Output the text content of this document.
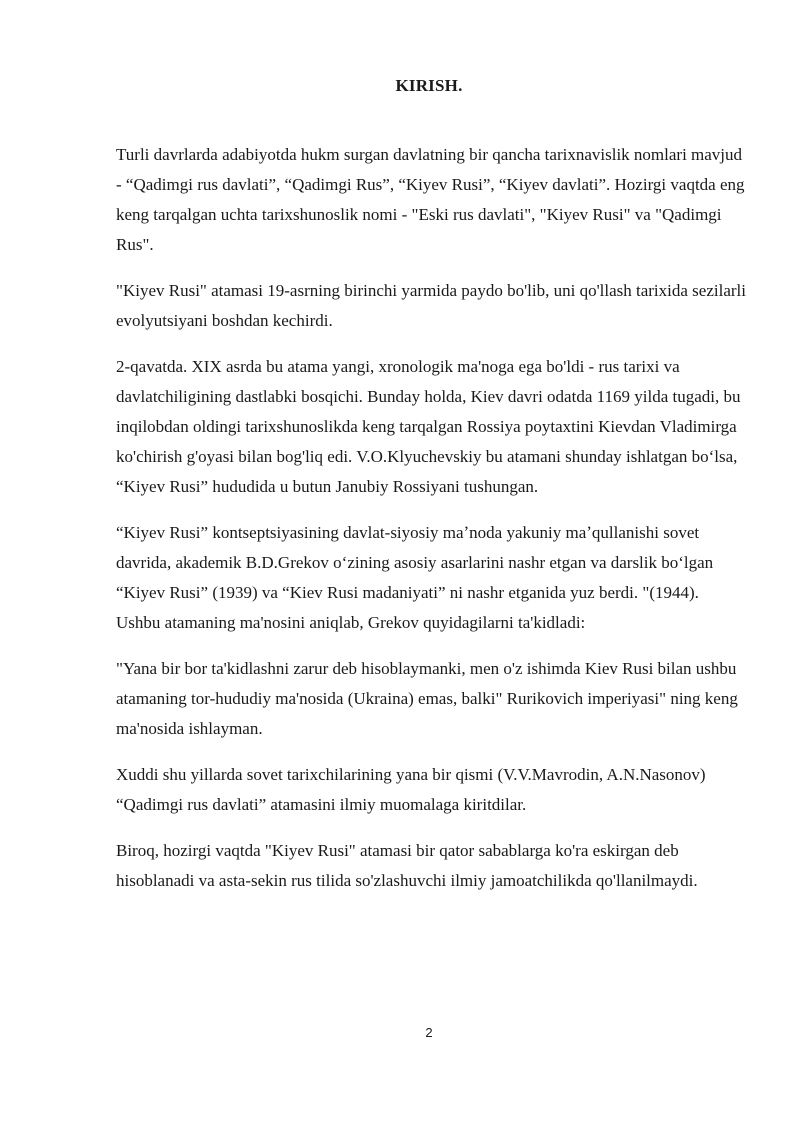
KIRISH.

Turli davrlarda adabiyotda hukm surgan davlatning bir qancha tarixnavislik nomlari mavjud - “Qadimgi rus davlati”, “Qadimgi Rus”, “Kiyev Rusi”, “Kiyev davlati”. Hozirgi vaqtda eng keng tarqalgan uchta tarixshunoslik nomi - "Eski rus davlati", "Kiyev Rusi" va "Qadimgi Rus".

"Kiyev Rusi" atamasi 19-asrning birinchi yarmida paydo bo'lib, uni qo'llash tarixida sezilarli evolyutsiyani boshdan kechirdi.

2-qavatda. XIX asrda bu atama yangi, xronologik ma'noga ega bo'ldi - rus tarixi va davlatchiligining dastlabki bosqichi. Bunday holda, Kiev davri odatda 1169 yilda tugadi, bu inqilobdan oldingi tarixshunoslikda keng tarqalgan Rossiya poytaxtini Kievdan Vladimirga ko'chirish g'oyasi bilan bog'liq edi. V.O.Klyuchevskiy bu atamani shunday ishlatgan boʻlsa, “Kiyev Rusi” hududida u butun Janubiy Rossiyani tushungan.

“Kiyev Rusi” kontseptsiyasining davlat-siyosiy maʼnoda yakuniy maʼqullanishi sovet davrida, akademik B.D.Grekov oʻzining asosiy asarlarini nashr etgan va darslik boʻlgan “Kiyev Rusi” (1939) va “Kiev Rusi madaniyati” ni nashr etganida yuz berdi. "(1944). Ushbu atamaning ma'nosini aniqlab, Grekov quyidagilarni ta'kidladi:

"Yana bir bor ta'kidlashni zarur deb hisoblaymanki, men o'z ishimda Kiev Rusi bilan ushbu atamaning tor-hududiy ma'nosida (Ukraina) emas, balki" Rurikovich imperiyasi" ning keng ma'nosida ishlayman.

Xuddi shu yillarda sovet tarixchilarining yana bir qismi (V.V.Mavrodin, A.N.Nasonov) “Qadimgi rus davlati” atamasini ilmiy muomalaga kiritdilar.

Biroq, hozirgi vaqtda "Kiyev Rusi" atamasi bir qator sabablarga ko'ra eskirgan deb hisoblanadi va asta-sekin rus tilida so'zlashuvchi ilmiy jamoatchilikda qo'llanilmaydi.

2
